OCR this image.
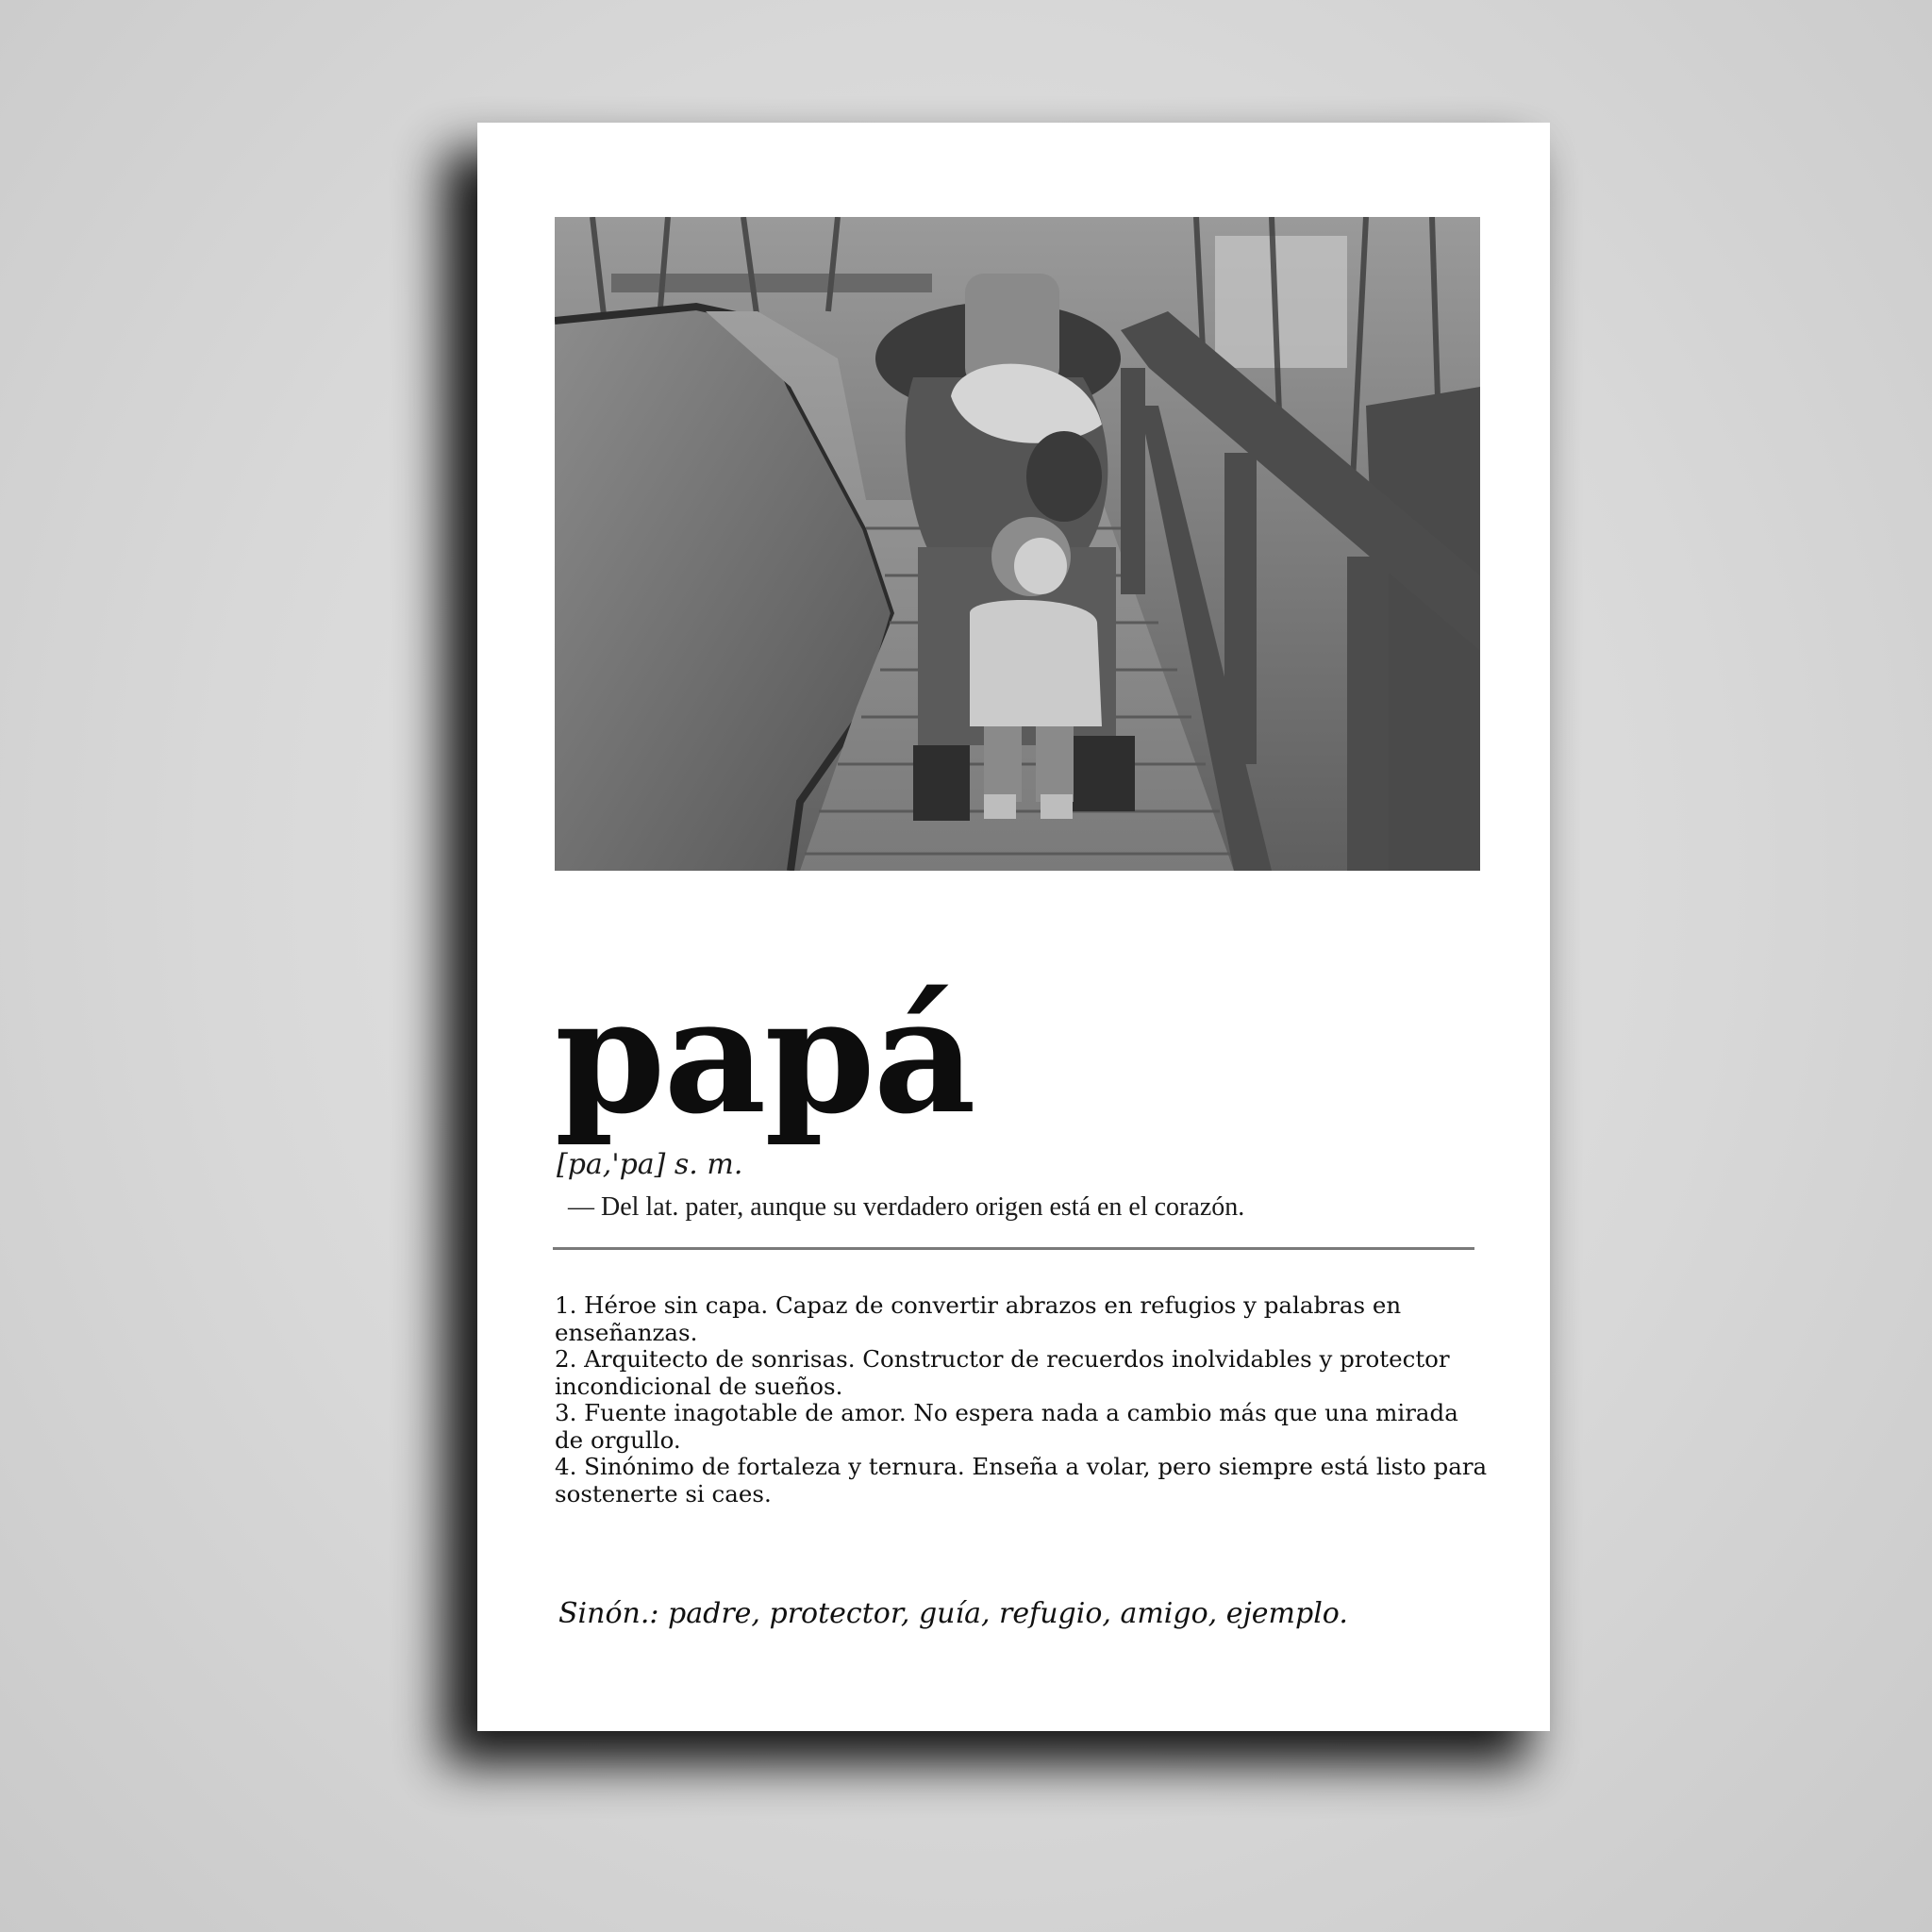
papá
[pa,'pa] s. m.
— Del lat. pater, aunque su verdadero origen está en el corazón.

1. Héroe sin capa. Capaz de convertir abrazos en refugios y palabras en enseñanzas.

2. Arquitecto de sonrisas. Constructor de recuerdos inolvidables y protector incondicional de sueños.

3. Fuente inagotable de amor. No espera nada a cambio más que una mirada de orgullo.

4. Sinónimo de fortaleza y ternura. Enseña a volar, pero siempre está listo para sostenerte si caes.

Sinón.: padre, protector, guía, refugio, amigo, ejemplo.
